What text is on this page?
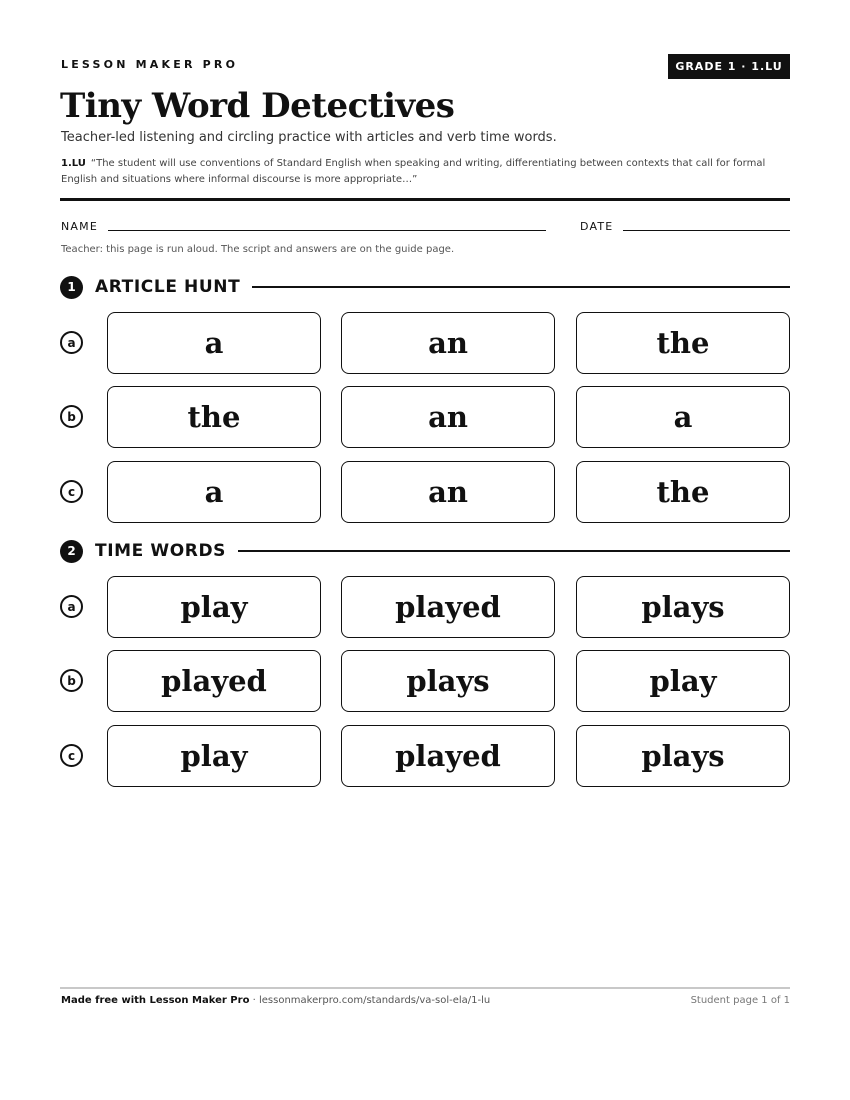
LESSON MAKER PRO	GRADE 1 · 1.LU
Tiny Word Detectives
Teacher-led listening and circling practice with articles and verb time words.
1.LU “The student will use conventions of Standard English when speaking and writing, differentiating between contexts that call for formal English and situations where informal discourse is more appropriate…”
NAME	DATE
Teacher: this page is run aloud. The script and answers are on the guide page.
1	ARTICLE HUNT
a	a	an	the
b	the	an	a
c	a	an	the
2	TIME WORDS
a	play	played	plays
b	played	plays	play
c	play	played	plays
Made free with Lesson Maker Pro · lessonmakerpro.com/standards/va-sol-ela/1-lu	Student page 1 of 1
